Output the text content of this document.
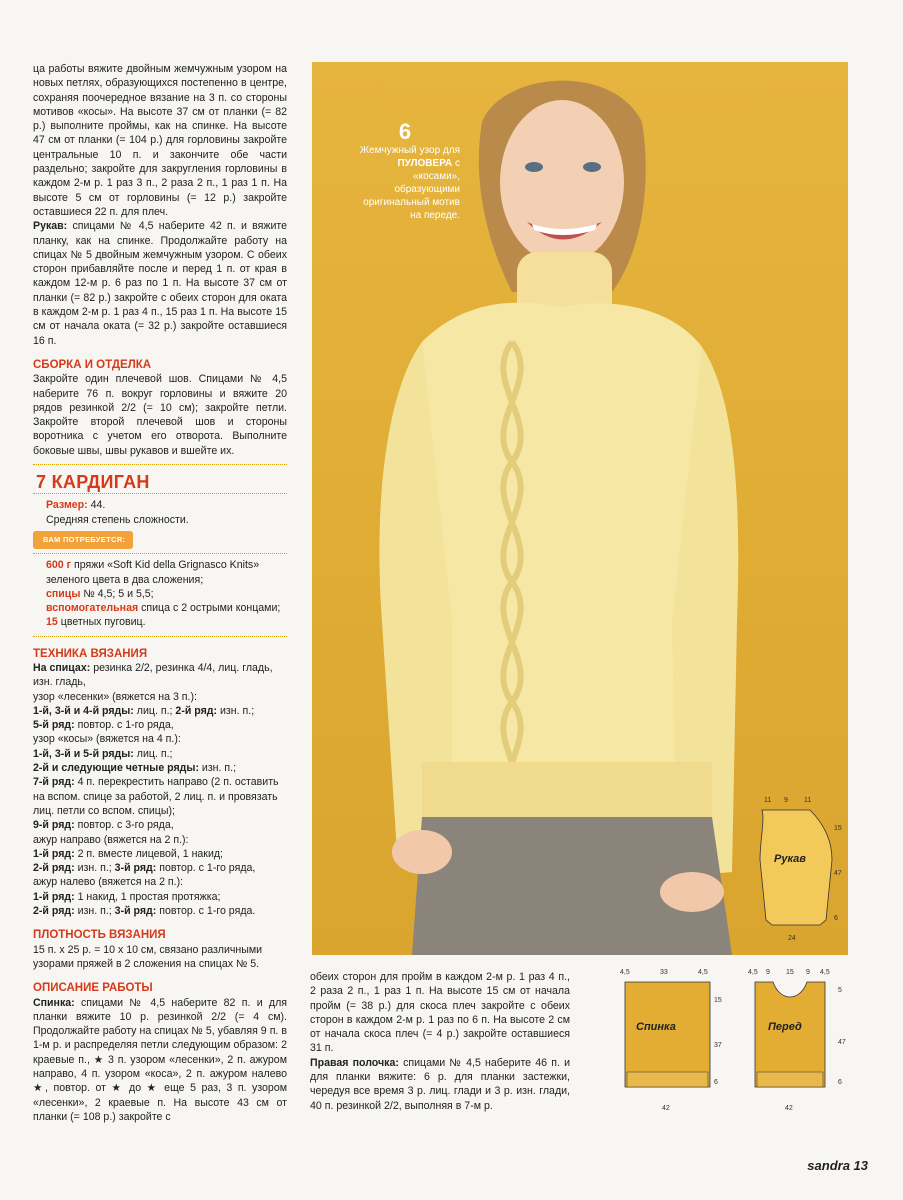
ца работы вяжите двойным жемчужным узором на новых петлях, образующихся постепенно в центре, сохраняя поочередное вязание на 3 п. со стороны мотивов «косы». На высоте 37 см от планки (= 82 р.) выполните проймы, как на спинке. На высоте 47 см от планки (= 104 р.) для горловины закройте центральные 10 п. и закончите обе части раздельно; закройте для закругления горловины в каждом 2-м р. 1 раз 3 п., 2 раза 2 п., 1 раз 1 п. На высоте 5 см от горловины (= 12 р.) закройте оставшиеся 22 п. для плеч.

Рукав: спицами № 4,5 наберите 42 п. и вяжите планку, как на спинке. Продолжайте работу на спицах № 5 двойным жемчужным узором. С обеих сторон прибавляйте после и перед 1 п. от края в каждом 12-м р. 6 раз по 1 п. На высоте 37 см от планки (= 82 р.) закройте с обеих сторон для оката в каждом 2-м р. 1 раз 4 п., 15 раз 1 п. На высоте 15 см от начала оката (= 32 р.) закройте оставшиеся 16 п.

СБОРКА И ОТДЕЛКА

Закройте один плечевой шов. Спицами № 4,5 наберите 76 п. вокруг горловины и вяжите 20 рядов резинкой 2/2 (= 10 см); закройте петли. Закройте второй плечевой шов и стороны воротника с учетом его отворота. Выполните боковые швы, швы рукавов и вшейте их.

7 КАРДИГАН

Размер: 44.

Средняя степень сложности.

ВАМ ПОТРЕБУЕТСЯ:

600 г пряжи «Soft Kid della Grignasco Knits» зеленого цвета в два сложения;

спицы № 4,5; 5 и 5,5;

вспомогательная спица с 2 острыми концами;

15 цветных пуговиц.

ТЕХНИКА ВЯЗАНИЯ

На спицах: резинка 2/2, резинка 4/4, лиц. гладь, изн. гладь,

узор «лесенки» (вяжется на 3 п.):

1-й, 3-й и 4-й ряды: лиц. п.; 2-й ряд: изн. п.;

5-й ряд: повтор. с 1-го ряда,

узор «косы» (вяжется на 4 п.):

1-й, 3-й и 5-й ряды: лиц. п.;

2-й и следующие четные ряды: изн. п.;

7-й ряд: 4 п. перекрестить направо (2 п. оставить на вспом. спице за работой, 2 лиц. п. и провязать лиц. петли со вспом. спицы);

9-й ряд: повтор. с 3-го ряда,

ажур направо (вяжется на 2 п.):

1-й ряд: 2 п. вместе лицевой, 1 накид;

2-й ряд: изн. п.; 3-й ряд: повтор. с 1-го ряда,

ажур налево (вяжется на 2 п.):

1-й ряд: 1 накид, 1 простая протяжка;

2-й ряд: изн. п.; 3-й ряд: повтор. с 1-го ряда.

ПЛОТНОСТЬ ВЯЗАНИЯ

15 п. х 25 р. = 10 х 10 см, связано различными узорами пряжей в 2 сложения на спицах № 5.

ОПИСАНИЕ РАБОТЫ

Спинка: спицами № 4,5 наберите 82 п. и для планки вяжите 10 р. резинкой 2/2 (= 4 см). Продолжайте работу на спицах № 5, убавляя 9 п. в 1-м р. и распределяя петли следующим образом: 2 краевые п., ★ 3 п. узором «лесенки», 2 п. ажуром направо, 4 п. узором «коса», 2 п. ажуром налево ★, повтор. от ★ до ★ еще 5 раз, 3 п. узором «лесенки», 2 краевые п. На высоте 43 см от планки (= 108 р.) закройте с

6
Жемчужный узор для ПУЛОВЕРА с «косами», образующими оригинальный мотив на переде.
11 9 11
Рукав
15
47
6
24

обеих сторон для пройм в каждом 2-м р. 1 раз 4 п., 2 раза 2 п., 1 раз 1 п. На высоте 15 см от начала пройм (= 38 р.) для скоса плеч закройте с обеих сторон в каждом 2-м р. 1 раз по 6 п. На высоте 2 см от начала скоса плеч (= 4 р.) закройте оставшиеся 31 п.

Правая полочка: спицами № 4,5 наберите 46 п. и для планки вяжите: 6 р. для планки застежки, чередуя все время 3 р. лиц. глади и 3 р. изн. глади, 40 п. резинкой 2/2, выполняя в 7-м р.

4,5	33	4,5
Спинка
15
37
6
42
4,5 9 15 9 4,5
Перед
5
47
6
42
sandra 13
